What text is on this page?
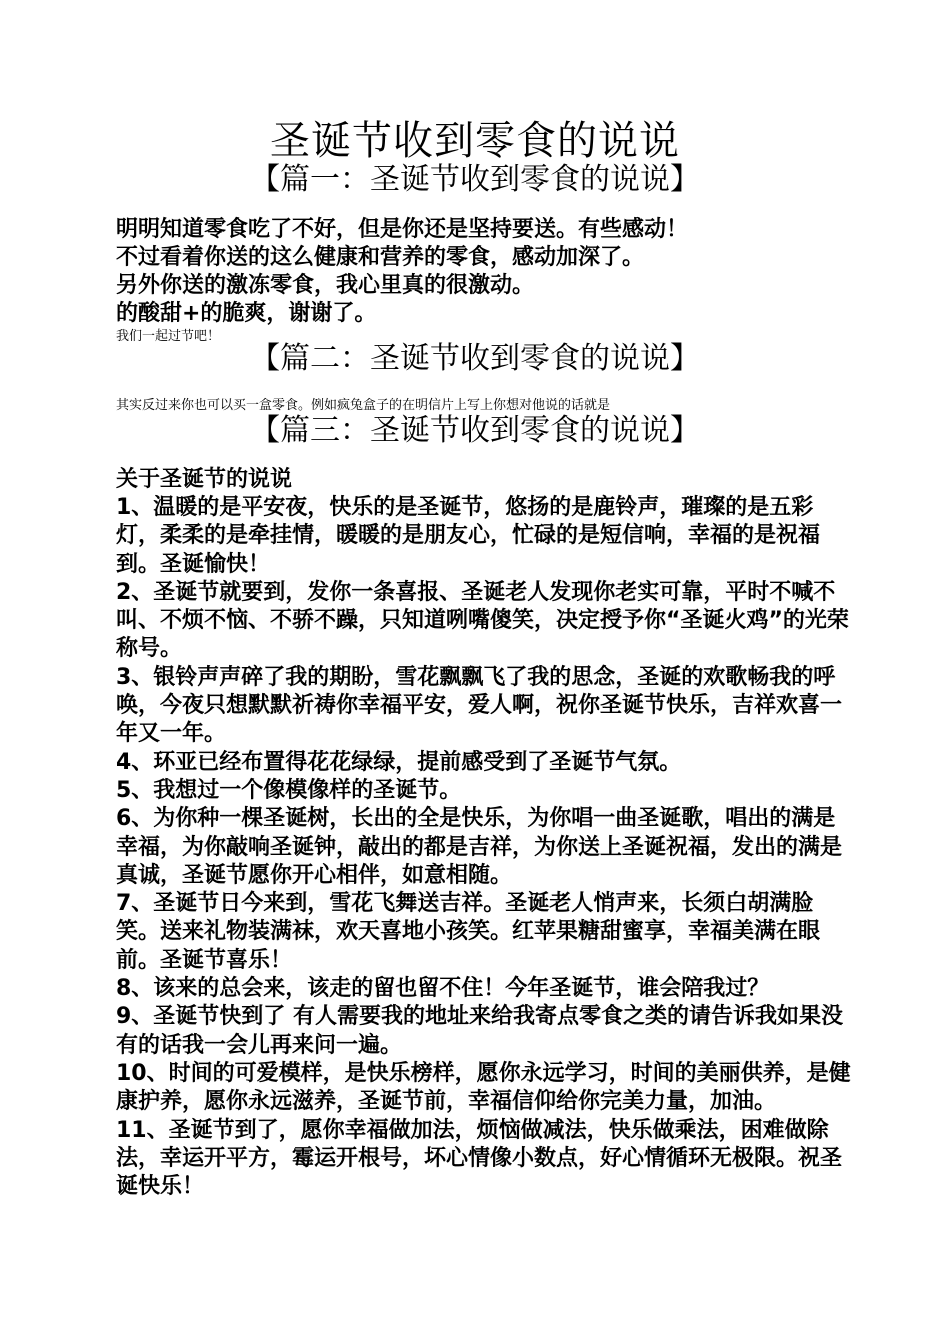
圣诞节收到零食的说说
【篇一：圣诞节收到零食的说说】
明明知道零食吃了不好，但是你还是坚持要送。有些感动！
不过看着你送的这么健康和营养的零食，感动加深了。
另外你送的激冻零食，我心里真的很激动。
的酸甜+的脆爽，谢谢了。
我们一起过节吧！
【篇二：圣诞节收到零食的说说】
其实反过来你也可以买一盒零食。例如疯兔盒子的在明信片上写上你想对他说的话就是
【篇三：圣诞节收到零食的说说】
关于圣诞节的说说
1、温暖的是平安夜，快乐的是圣诞节，悠扬的是鹿铃声，璀璨的是五彩灯，柔柔的是牵挂情，暖暖的是朋友心，忙碌的是短信响，幸福的是祝福到。圣诞愉快！
2、圣诞节就要到，发你一条喜报、圣诞老人发现你老实可靠，平时不喊不叫、不烦不恼、不骄不躁，只知道咧嘴傻笑，决定授予你“圣诞火鸡”的光荣称号。
3、银铃声声碎了我的期盼，雪花飘飘飞了我的思念，圣诞的欢歌畅我的呼唤，今夜只想默默祈祷你幸福平安，爱人啊，祝你圣诞节快乐，吉祥欢喜一年又一年。
4、环亚已经布置得花花绿绿，提前感受到了圣诞节气氛。
5、我想过一个像模像样的圣诞节。
6、为你种一棵圣诞树，长出的全是快乐，为你唱一曲圣诞歌，唱出的满是幸福，为你敲响圣诞钟，敲出的都是吉祥，为你送上圣诞祝福，发出的满是真诚，圣诞节愿你开心相伴，如意相随。
7、圣诞节日今来到，雪花飞舞送吉祥。圣诞老人悄声来，长须白胡满脸笑。送来礼物装满袜，欢天喜地小孩笑。红苹果糖甜蜜享，幸福美满在眼前。圣诞节喜乐！
8、该来的总会来，该走的留也留不住！今年圣诞节，谁会陪我过？
9、圣诞节快到了 有人需要我的地址来给我寄点零食之类的请告诉我如果没有的话我一会儿再来问一遍。
10、时间的可爱模样，是快乐榜样，愿你永远学习，时间的美丽供养，是健康护养，愿你永远滋养，圣诞节前，幸福信仰给你完美力量，加油。
11、圣诞节到了，愿你幸福做加法，烦恼做减法，快乐做乘法，困难做除法，幸运开平方，霉运开根号，坏心情像小数点，好心情循环无极限。祝圣诞快乐！
